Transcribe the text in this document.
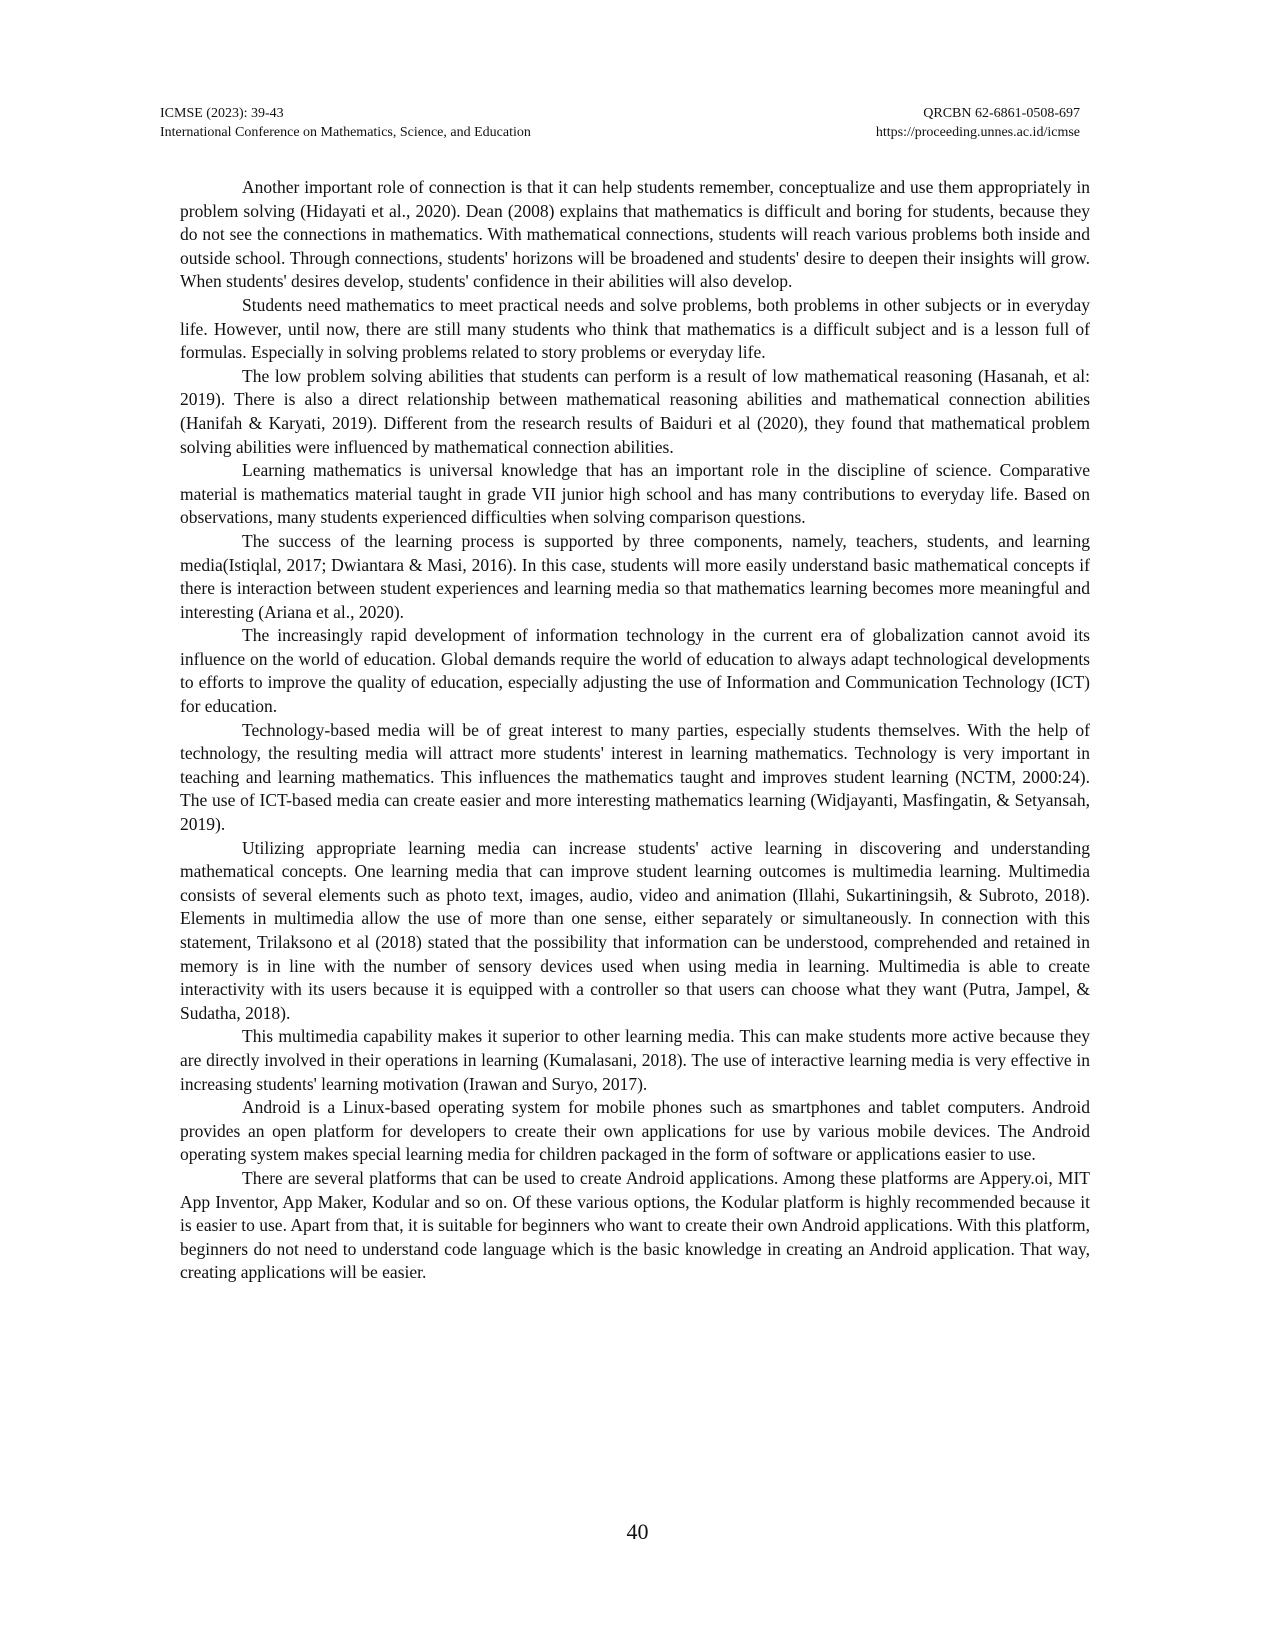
ICMSE (2023): 39-43	QRCBN 62-6861-0508-697
International Conference on Mathematics, Science, and Education	https://proceeding.unnes.ac.id/icmse

Another important role of connection is that it can help students remember, conceptualize and use them appropriately in problem solving (Hidayati et al., 2020). Dean (2008) explains that mathematics is difficult and boring for students, because they do not see the connections in mathematics. With mathematical connections, students will reach various problems both inside and outside school. Through connections, students' horizons will be broadened and students' desire to deepen their insights will grow. When students' desires develop, students' confidence in their abilities will also develop.

Students need mathematics to meet practical needs and solve problems, both problems in other subjects or in everyday life. However, until now, there are still many students who think that mathematics is a difficult subject and is a lesson full of formulas. Especially in solving problems related to story problems or everyday life.

The low problem solving abilities that students can perform is a result of low mathematical reasoning (Hasanah, et al: 2019). There is also a direct relationship between mathematical reasoning abilities and mathematical connection abilities (Hanifah & Karyati, 2019). Different from the research results of Baiduri et al (2020), they found that mathematical problem solving abilities were influenced by mathematical connection abilities.

Learning mathematics is universal knowledge that has an important role in the discipline of science. Comparative material is mathematics material taught in grade VII junior high school and has many contributions to everyday life. Based on observations, many students experienced difficulties when solving comparison questions.

The success of the learning process is supported by three components, namely, teachers, students, and learning media(Istiqlal, 2017; Dwiantara & Masi, 2016). In this case, students will more easily understand basic mathematical concepts if there is interaction between student experiences and learning media so that mathematics learning becomes more meaningful and interesting (Ariana et al., 2020).

The increasingly rapid development of information technology in the current era of globalization cannot avoid its influence on the world of education. Global demands require the world of education to always adapt technological developments to efforts to improve the quality of education, especially adjusting the use of Information and Communication Technology (ICT) for education.

Technology-based media will be of great interest to many parties, especially students themselves. With the help of technology, the resulting media will attract more students' interest in learning mathematics. Technology is very important in teaching and learning mathematics. This influences the mathematics taught and improves student learning (NCTM, 2000:24). The use of ICT-based media can create easier and more interesting mathematics learning (Widjayanti, Masfingatin, & Setyansah, 2019).

Utilizing appropriate learning media can increase students' active learning in discovering and understanding mathematical concepts. One learning media that can improve student learning outcomes is multimedia learning. Multimedia consists of several elements such as photo text, images, audio, video and animation (Illahi, Sukartiningsih, & Subroto, 2018). Elements in multimedia allow the use of more than one sense, either separately or simultaneously. In connection with this statement, Trilaksono et al (2018) stated that the possibility that information can be understood, comprehended and retained in memory is in line with the number of sensory devices used when using media in learning. Multimedia is able to create interactivity with its users because it is equipped with a controller so that users can choose what they want (Putra, Jampel, & Sudatha, 2018).

This multimedia capability makes it superior to other learning media. This can make students more active because they are directly involved in their operations in learning (Kumalasani, 2018). The use of interactive learning media is very effective in increasing students' learning motivation (Irawan and Suryo, 2017).

Android is a Linux-based operating system for mobile phones such as smartphones and tablet computers. Android provides an open platform for developers to create their own applications for use by various mobile devices. The Android operating system makes special learning media for children packaged in the form of software or applications easier to use.

There are several platforms that can be used to create Android applications. Among these platforms are Appery.oi, MIT App Inventor, App Maker, Kodular and so on. Of these various options, the Kodular platform is highly recommended because it is easier to use. Apart from that, it is suitable for beginners who want to create their own Android applications. With this platform, beginners do not need to understand code language which is the basic knowledge in creating an Android application. That way, creating applications will be easier.

40
